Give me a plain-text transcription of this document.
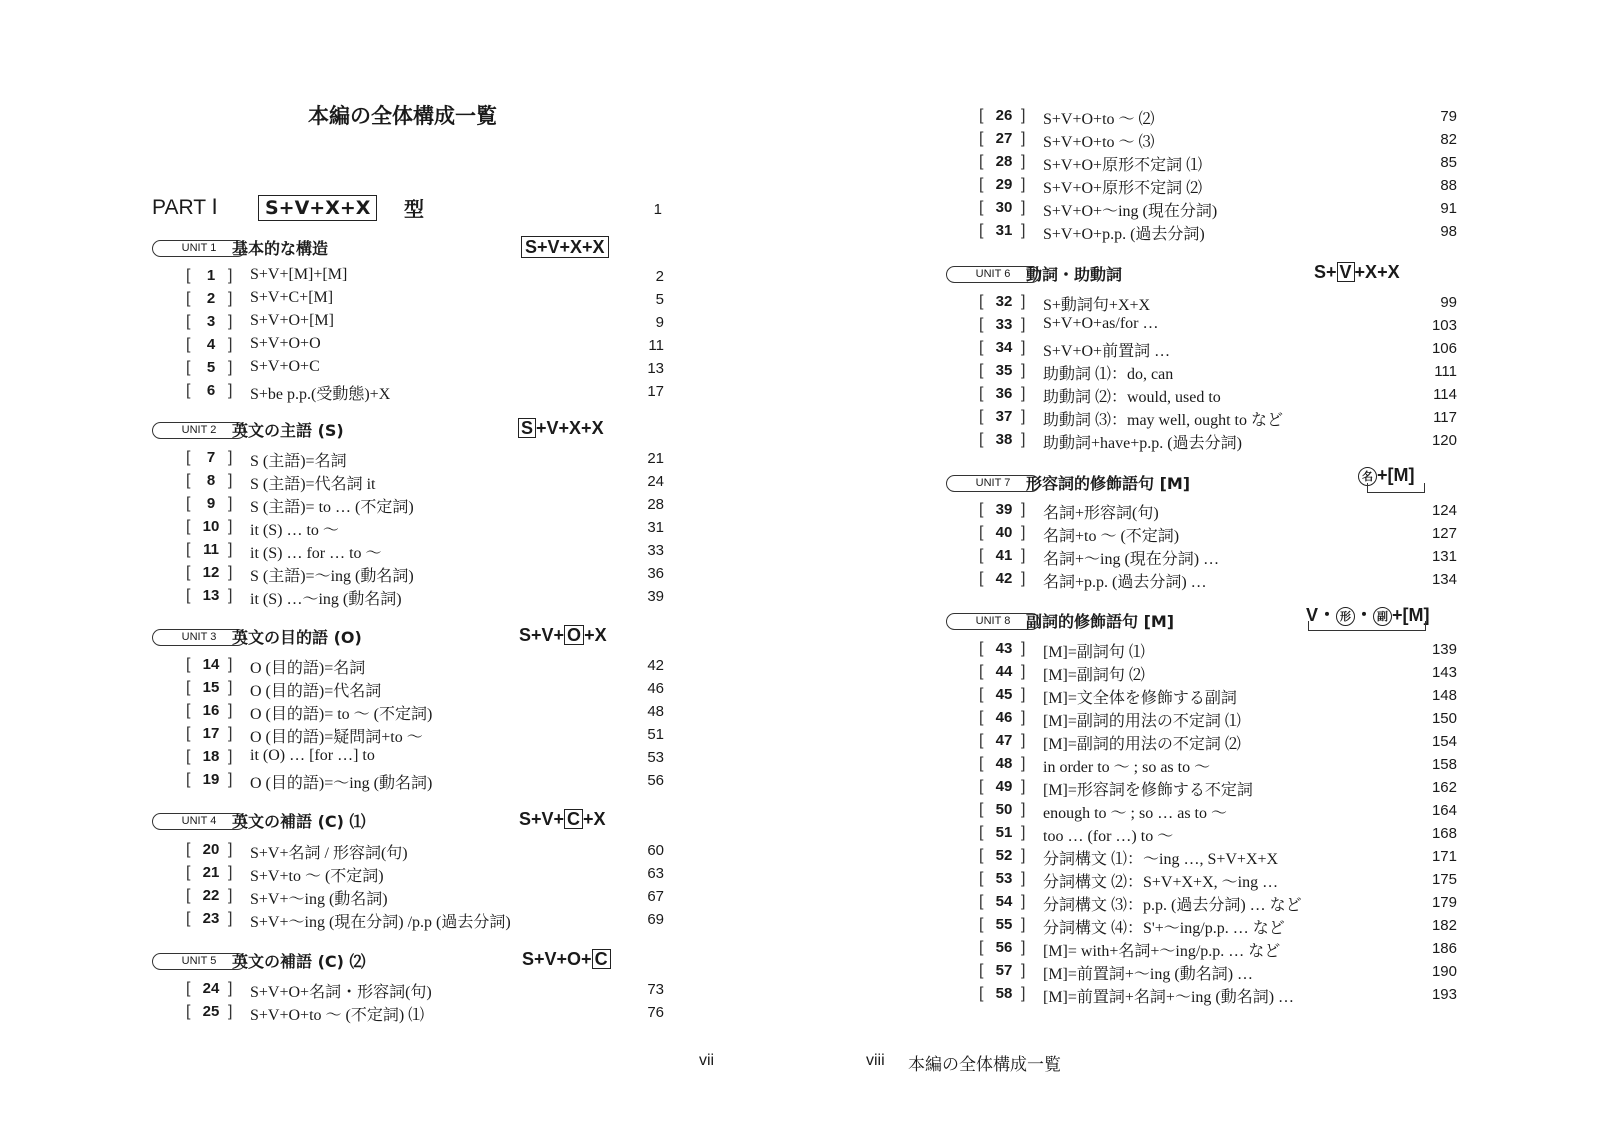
本編の全体構成一覧
PART Ⅰ	S+V+X+X	型	1
UNIT 1 基本的な構造	S+V+X+X
[	1 ] S+V+[M]+[M]	2
[	2 ] S+V+C+[M]	5
[	3 ] S+V+O+[M]	9
[	4 ] S+V+O+O	11
[	5 ] S+V+O+C	13
[	6 ] S+be p.p.(受動態)+X	17
UNIT 2 英文の主語 (S)	S +V+X+X
[	7 ] S (主語)=名詞	21
[	8 ] S (主語)=代名詞 it	24
[	9 ] S (主語)= to … (不定詞)	28
[ 10 ] it (S) … to ～	31
[ 11 ] it (S) … for … to ～	33
[ 12 ] S (主語)=～ing (動名詞)	36
[ 13 ] it (S) …～ing (動名詞)	39
UNIT 3 英文の目的語 (O)	S+V+ O +X
[ 14 ] O (目的語)=名詞	42
[ 15 ] O (目的語)=代名詞	46
[ 16 ] O (目的語)= to ～ (不定詞)	48
[ 17 ] O (目的語)=疑問詞+to ～	51
[ 18 ] it (O) … [for …] to	53
[ 19 ] O (目的語)=～ing (動名詞)	56
UNIT 4 英文の補語 (C) ⑴	S+V+ C +X
[ 20 ] S+V+名詞 / 形容詞(句)	60
[ 21 ] S+V+to ～ (不定詞)	63
[ 22 ] S+V+～ing (動名詞)	67
[ 23 ] S+V+～ing (現在分詞) /p.p (過去分詞)	69
UNIT 5 英文の補語 (C) ⑵	S+V+O+ C
[ 24 ] S+V+O+名詞・形容詞(句)	73
[ 25 ] S+V+O+to ～ (不定詞) ⑴	76
vii
[ 26 ] S+V+O+to ～ ⑵	79
[ 27 ] S+V+O+to ～ ⑶	82
[ 28 ] S+V+O+原形不定詞 ⑴	85
[ 29 ] S+V+O+原形不定詞 ⑵	88
[ 30 ] S+V+O+～ing (現在分詞)	91
[ 31 ] S+V+O+p.p. (過去分詞)	98
UNIT 6 動詞・助動詞	S+ V +X+X
[ 32 ] S+動詞句+X+X	99
[ 33 ] S+V+O+as/for …	103
[ 34 ] S+V+O+前置詞 …	106
[ 35 ] 助動詞 ⑴：do, can	111
[ 36 ] 助動詞 ⑵：would, used to	114
[ 37 ] 助動詞 ⑶：may well, ought to など	117
[ 38 ] 助動詞+have+p.p. (過去分詞)	120
UNIT 7 形容詞的修飾語句 [M]	名 +[M]
[ 39 ] 名詞+形容詞(句)	124
[ 40 ] 名詞+to ～ (不定詞)	127
[ 41 ] 名詞+～ing (現在分詞) …	131
[ 42 ] 名詞+p.p. (過去分詞) …	134
UNIT 8 副詞的修飾語句 [M]	V・ 形 ・ 副 +[M]
[ 43 ] [M]=副詞句 ⑴	139
[ 44 ] [M]=副詞句 ⑵	143
[ 45 ] [M]=文全体を修飾する副詞	148
[ 46 ] [M]=副詞的用法の不定詞 ⑴	150
[ 47 ] [M]=副詞的用法の不定詞 ⑵	154
[ 48 ] in order to ～ ; so as to ～	158
[ 49 ] [M]=形容詞を修飾する不定詞	162
[ 50 ] enough to ～ ; so … as to ～	164
[ 51 ] too … (for …) to ～	168
[ 52 ] 分詞構文 ⑴：～ing …, S+V+X+X	171
[ 53 ] 分詞構文 ⑵：S+V+X+X, ～ing …	175
[ 54 ] 分詞構文 ⑶：p.p. (過去分詞) … など	179
[ 55 ] 分詞構文 ⑷：S'+～ing/p.p. … など	182
[ 56 ] [M]= with+名詞+～ing/p.p. … など	186
[ 57 ] [M]=前置詞+～ing (動名詞) …	190
[ 58 ] [M]=前置詞+名詞+～ing (動名詞) …	193
viii 本編の全体構成一覧
